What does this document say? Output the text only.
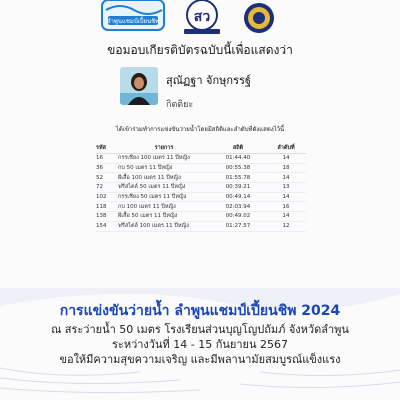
ลำพูนแชมป์เปี้ยนชิพ สว
ขอมอบเกียรติบัตรฉบับนี้เพื่อแสดงว่า
สุณัฏฐา จักษุกรรฐ์
กิตติยะ
ได้เข้าร่วมทำการแข่งขันว่ายน้ำโดยมีสถิติและลำดับที่ดังแสดงไว้นี้
รหัส	รายการ	สถิติ	ลำดับที่
16	กรรเชียง 100 เมตร 11 ปีหญิง	01:44.40	14
36	กบ 50 เมตร 11 ปีหญิง	00:55.38	18
52	ผีเสื้อ 100 เมตร 11 ปีหญิง	01:55.78	14
72	ฟรีสไตล์ 50 เมตร 11 ปีหญิง	00:39.21	13
102	กรรเชียง 50 เมตร 11 ปีหญิง	00:49.14	14
118	กบ 100 เมตร 11 ปีหญิง	02:03.94	16
138	ผีเสื้อ 50 เมตร 11 ปีหญิง	00:49.02	14
154	ฟรีสไตล์ 100 เมตร 11 ปีหญิง	01:27.57	12
การแข่งขันว่ายน้ำ ลำพูนแชมป์เปี้ยนชิพ 2024
ณ สระว่ายน้ำ 50 เมตร โรงเรียนส่วนบุญโญปถัมภ์ จังหวัดลำพูน
ระหว่างวันที่ 14 - 15 กันยายน 2567
ขอให้มีความสุขความเจริญ และมีพลานามัยสมบูรณ์แข็งแรง
